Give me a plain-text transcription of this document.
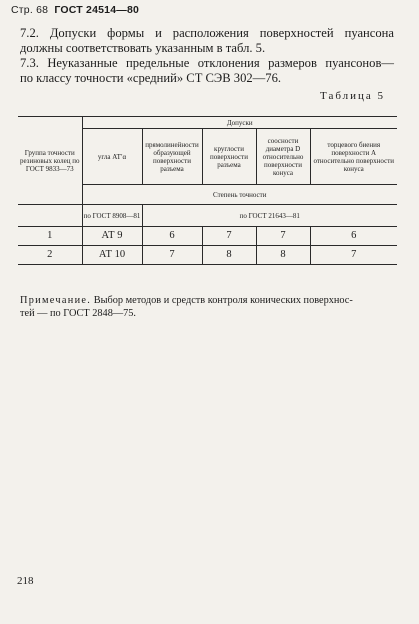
Стр. 68 ГОСТ 24514—80
7.2. Допуски формы и расположения поверхностей пуансона
должны соответствовать указанным в табл. 5.
7.3. Неуказанные предельные отклонения размеров пуансонов—
по классу точности «средний» СТ СЭВ 302—76.
Таблица 5
Группа точности резиновых колец по ГОСТ 9833—73	Допуски				
	угла АТ′α	прямолинейности образующей поверхности разъема	круглости поверхности разъема	соосности диаметра D относительно поверхности конуса	торцевого биения поверхности А относительно поверхности конуса
	Степень точности				
	по ГОСТ 8908—81	по ГОСТ 21643—81			
1	АТ 9	6	7	7	6
2	АТ 10	7	8	8	7
Примечание. Выбор методов и средств контроля конических поверхнос-
тей — по ГОСТ 2848—75.
218
